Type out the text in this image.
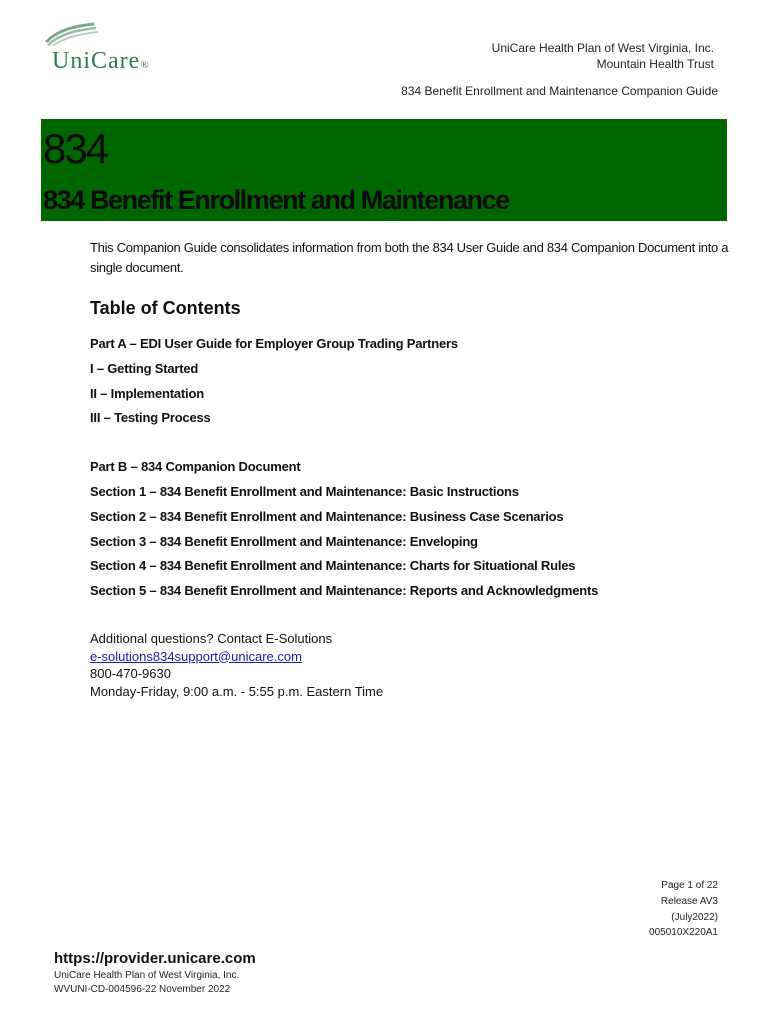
UniCare®
UniCare Health Plan of West Virginia, Inc.
Mountain Health Trust
834 Benefit Enrollment and Maintenance Companion Guide
834
834 Benefit Enrollment and Maintenance
This Companion Guide consolidates information from both the 834 User Guide and 834 Companion Document into a single document.
Table of Contents
Part A – EDI User Guide for Employer Group Trading Partners
I – Getting Started
II – Implementation
III – Testing Process
Part B – 834 Companion Document
Section 1 – 834 Benefit Enrollment and Maintenance: Basic Instructions
Section 2 – 834 Benefit Enrollment and Maintenance: Business Case Scenarios
Section 3 – 834 Benefit Enrollment and Maintenance: Enveloping
Section 4 – 834 Benefit Enrollment and Maintenance: Charts for Situational Rules
Section 5 – 834 Benefit Enrollment and Maintenance: Reports and Acknowledgments
Additional questions? Contact E-Solutions
e-solutions834support@unicare.com
800-470-9630
Monday-Friday, 9:00 a.m. - 5:55 p.m. Eastern Time
Page 1 of 22
Release AV3
(July2022)
005010X220A1
https://provider.unicare.com
UniCare Health Plan of West Virginia, Inc.
WVUNI-CD-004596-22 November 2022
